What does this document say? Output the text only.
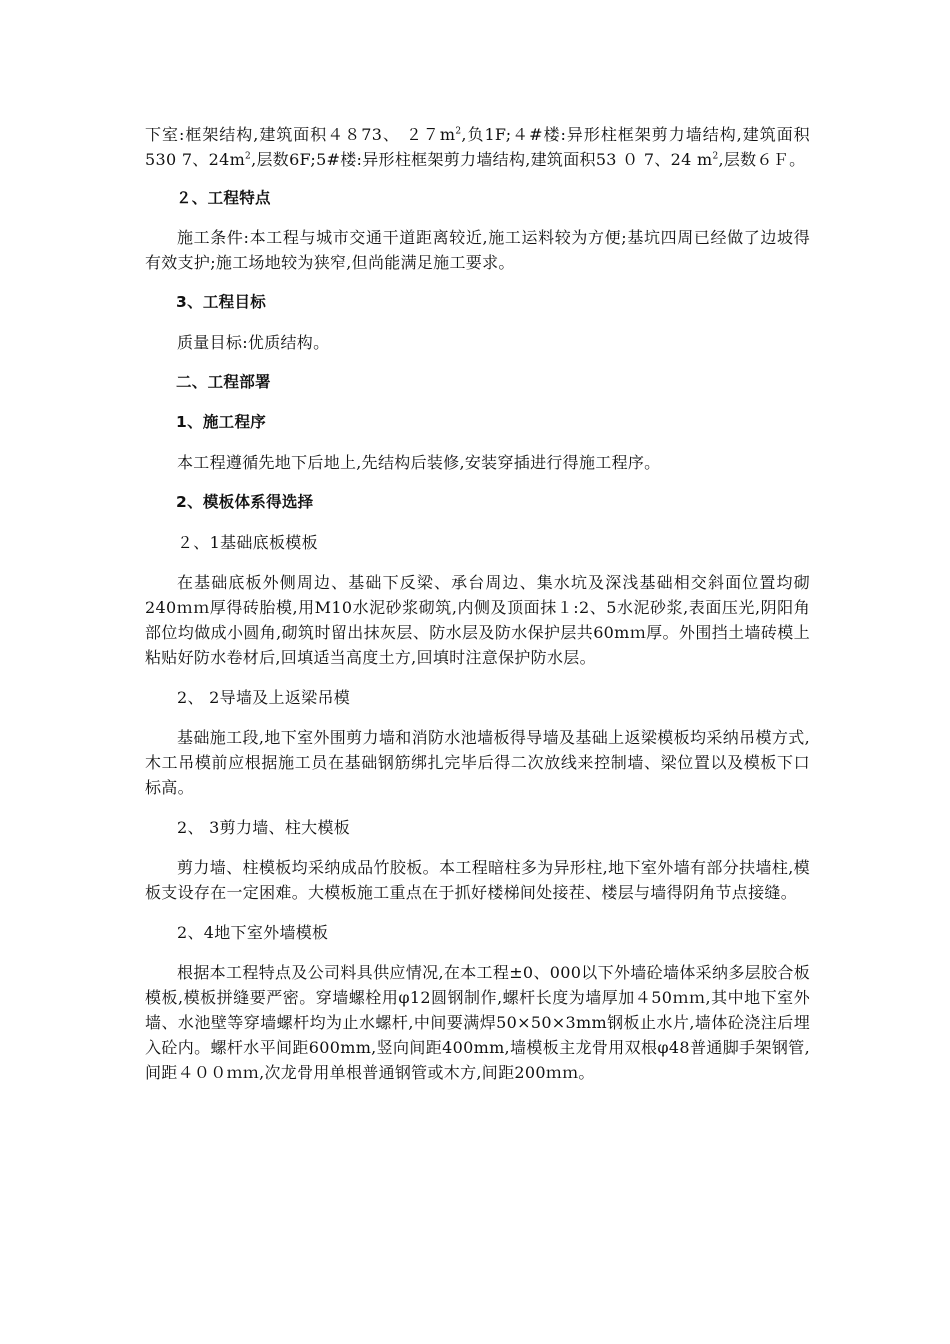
下室:框架结构,建筑面积４８73、 $27m^2$,负1F;４#楼:异形柱框架剪力墙结构,建筑面积530 7、$24m^2$,层数6F;5#楼:异形柱框架剪力墙结构,建筑面积53 ０ 7、24 $m^2$,层数６Ｆ。

２、工程特点

施工条件:本工程与城市交通干道距离较近,施工运料较为方便;基坑四周已经做了边坡得有效支护;施工场地较为狭窄,但尚能满足施工要求。

3、工程目标

质量目标:优质结构。

二、工程部署

1、施工程序

本工程遵循先地下后地上,先结构后装修,安装穿插进行得施工程序。

2、模板体系得选择

２、1基础底板模板

在基础底板外侧周边、基础下反梁、承台周边、集水坑及深浅基础相交斜面位置均砌240ｍｍ厚得砖胎模,用M10水泥砂浆砌筑,内侧及顶面抹１:2、5水泥砂浆,表面压光,阴阳角部位均做成小圆角,砌筑时留出抹灰层、防水层及防水保护层共60mｍ厚。外围挡土墙砖模上粘贴好防水卷材后,回填适当高度土方,回填时注意保护防水层。

2、 2导墙及上返梁吊模

基础施工段,地下室外围剪力墙和消防水池墙板得导墙及基础上返梁模板均采纳吊模方式,木工吊模前应根据施工员在基础钢筋绑扎完毕后得二次放线来控制墙、梁位置以及模板下口标高。

2、 3剪力墙、柱大模板

剪力墙、柱模板均采纳成品竹胶板。本工程暗柱多为异形柱,地下室外墙有部分扶墙柱,模板支设存在一定困难。大模板施工重点在于抓好楼梯间处接茬、楼层与墙得阴角节点接缝。

2、4地下室外墙模板

根据本工程特点及公司料具供应情况,在本工程±0、000以下外墙砼墙体采纳多层胶合板模板,模板拼缝要严密。穿墙螺栓用φ12圆钢制作,螺杆长度为墙厚加４50ｍｍ,其中地下室外墙、水池壁等穿墙螺杆均为止水螺杆,中间要满焊50×50×3mm钢板止水片,墙体砼浇注后埋入砼内。螺杆水平间距600mm,竖向间距400mm,墙模板主龙骨用双根φ48普通脚手架钢管,间距４００ｍｍ,次龙骨用单根普通钢管或木方,间距200ｍｍ。
